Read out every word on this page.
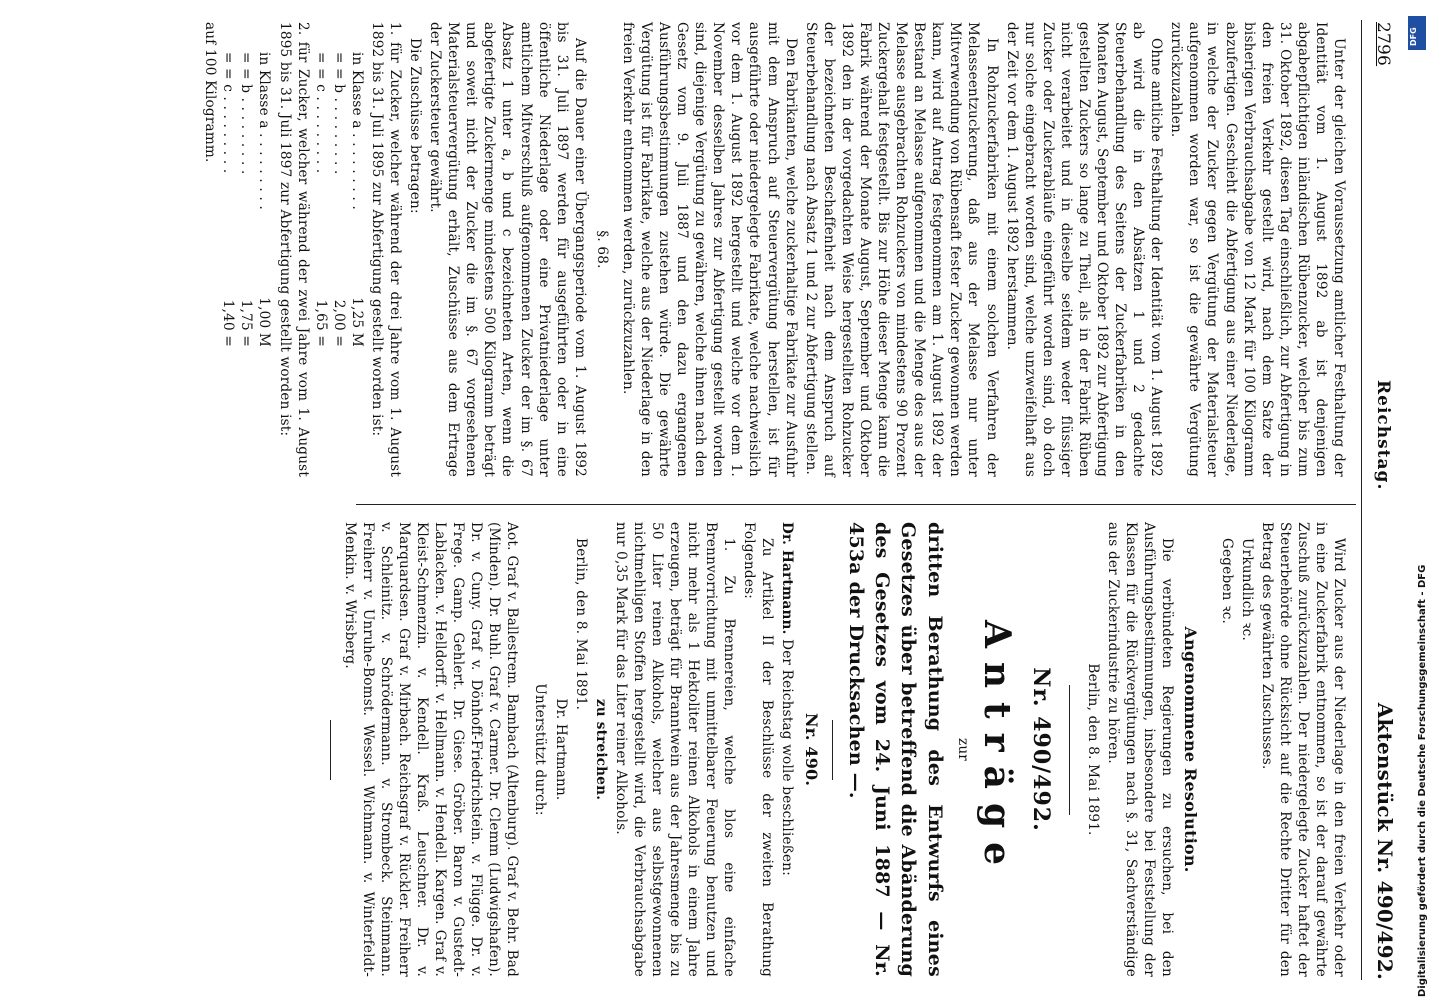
2796
Reichstag.
Aktenstück Nr. 490/492.

Unter der gleichen Voraussetzung amtlicher Festhaltung der Identität vom 1. August 1892 ab ist denjenigen abgabepflichtigen inländischen Rübenzucker, welcher bis zum 31. Oktober 1892, diesen Tag einschließlich, zur Abfertigung in den freien Verkehr gestellt wird, nach dem Satze der bisherigen Verbrauchsabgabe von 12 Mark für 100 Kilogramm abzufertigen. Geschieht die Abfertigung aus einer Niederlage, in welche der Zucker gegen Vergütung der Materialsteuer aufgenommen worden war, so ist die gewährte Vergütung zurückzuzahlen.

Ohne amtliche Festhaltung der Identität vom 1. August 1892 ab wird die in den Absätzen 1 und 2 gedachte Steuerbehandlung des Seitens der Zuckerfabriken in den Monaten August, September und Oktober 1892 zur Abfertigung gestellten Zuckers so lange zu Theil, als in der Fabrik Rüben nicht verarbeitet und in dieselbe seitdem weder flüssiger Zucker oder Zuckerabläufe eingeführt worden sind, ob doch nur solche eingebracht worden sind, welche unzweifelhaft aus der Zeit vor dem 1. August 1892 herstammen.

In Rohzuckerfabriken mit einem solchen Verfahren der Melasseentzuckerung, daß aus der Melasse nur unter Mitverwendung von Rübensaft fester Zucker gewonnen werden kann, wird auf Antrag festgenommen am 1. August 1892 der Bestand an Melasse aufgenommen und die Menge des aus der Melasse ausgebrachten Rohzuckers von mindestens 90 Prozent Zuckergehalt festgestellt. Bis zur Höhe dieser Menge kann die Fabrik während der Monate August, September und Oktober 1892 den in der vorgedachten Weise hergestellten Rohzucker der bezeichneten Beschaffenheit nach dem Anspruch auf Steuerbehandlung nach Absatz 1 und 2 zur Abfertigung stellen.

Den Fabrikanten, welche zuckerhaltige Fabrikate zur Ausfuhr mit dem Anspruch auf Steuervergütung herstellen, ist für ausgeführte oder niedergelegte Fabrikate, welche nachweislich vor dem 1. August 1892 hergestellt und welche vor dem 1. November desselben Jahres zur Abfertigung gestellt worden sind, diejenige Vergütung zu gewähren, welche ihnen nach den Gesetz vom 9. Juli 1887 und den dazu ergangenen Ausführungsbestimmungen zustehen würde. Die gewährte Vergütung ist für Fabrikate, welche aus der Niederlage in den freien Verkehr entnommen werden, zurückzuzahlen.

§. 68.

Auf die Dauer einer Übergangsperiode vom 1. August 1892 bis 31. Juli 1897 werden für ausgeführten oder in eine öffentliche Niederlage oder eine Privatniederlage unter amtlichem Mitverschluß aufgenommenen Zucker der im §. 67 Absatz 1 unter a, b und c bezeichneten Arten, wenn die abgefertigte Zuckermenge mindestens 500 Kilogramm beträgt und soweit nicht der Zucker die im §. 67 vorgesehenen Materialsteuervergütung erhält, Zuschüsse aus dem Ertrage der Zuckersteuer gewährt.

Die Zuschüsse betragen:

1. für Zucker, welcher während der drei Jahre vom 1. August 1892 bis 31. Juli 1895 zur Abfertigung gestellt worden ist:

in Klasse a . . . . . . . . .
1,25 M
= = b . . . . . . . . .
2,00 =
= = c . . . . . . . . .
1,65 =

2. für Zucker, welcher während der zwei Jahre vom 1. August 1895 bis 31. Juli 1897 zur Abfertigung gestellt worden ist:

in Klasse a . . . . . . . . .
1,00 M
= = b . . . . . . . . .
1,75 =
= = c . . . . . . . . .
1,40 =

auf 100 Kilogramm.

Wird Zucker aus der Niederlage in den freien Verkehr oder in eine Zuckerfabrik entnommen, so ist der darauf gewährte Zuschuß zurückzuzahlen. Der niedergelegte Zucker haftet der Steuerbehörde ohne Rücksicht auf die Rechte Dritter für den Betrag des gewährten Zuschusses.

Urkundlich ꝛc.

Gegeben ꝛc.

Angenommene Resolution.

Die verbündeten Regierungen zu ersuchen, bei den Ausführungsbestimmungen, insbesondere bei Feststellung der Klassen für die Rückvergütungen nach §. 31, Sachverständige aus der Zuckerindustrie zu hören.

Berlin, den 8. Mai 1891.

Nr. 490/492.
Anträge
zur
dritten Berathung des Entwurfs eines Gesetzes über betreffend die Abänderung des Gesetzes vom 24. Juni 1887 — Nr. 453a der Drucksachen —.
Nr. 490.

Dr. Hartmann. Der Reichstag wolle beschließen:

Zu Artikel II der Beschlüsse der zweiten Berathung Folgendes:

1. Zu Brennereien, welche blos eine einfache Brennvorrichtung mit unmittelbarer Feuerung benutzen und nicht mehr als 1 Hektoliter reinen Alkohols in einem Jahre erzeugen, beträgt für Branntwein aus der Jahresmenge bis zu 50 Liter reinen Alkohols, welcher aus selbstgewonnenen nichtmehligen Stoffen hergestellt wird, die Verbrauchsabgabe nur 0,35 Mark für das Liter reiner Alkohols.

zu streichen.

Berlin, den 8. Mai 1891.

Dr. Hartmann.

Unterstützt durch:

Aot. Graf v. Ballestrem. Bambach (Altenburg). Graf v. Behr. Bad (Minden). Dr. Buhl. Graf v. Carmer. Dr. Clemm (Ludwigshafen). Dr. v. Cuny. Graf v. Dönhoff-Friedrichstein. v. Flügge. Dr. v. Frege. Gamp. Gehlert. Dr. Giese. Gröber. Baron v. Gustedt-Lablacken. v. Helldorff. v. Hellmann. v. Hendell. Kargen. Graf v. Kleist-Schmenzin. v. Kendell. Kraß. Leuschner. Dr. v. Marquardsen. Graf v. Mirbach. Reichsgraf v. Rückler. Freiherr v. Schleinitz. v. Schrödermann. v. Strombeck. Steinmann. Freiherr v. Unruhe-Bomst. Wessel. Wichmann. v. Winterfeldt-Menkin. v. Wrisberg.
DFG
Digitalisierung gefördert durch die Deutsche Forschungsgemeinschaft - DFG
